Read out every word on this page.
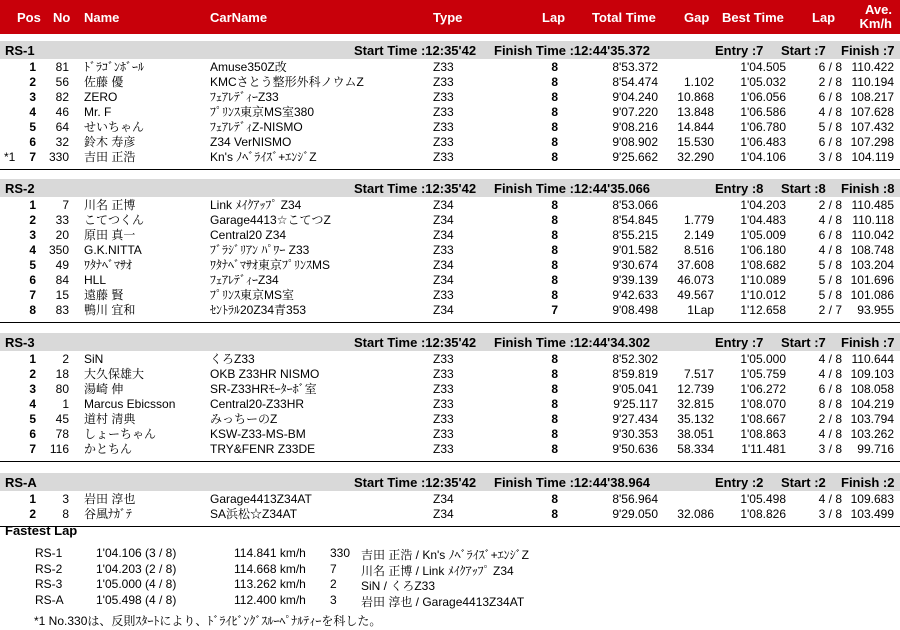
Pos No Name	CarName	Type	Lap Total Time Gap Best Time Lap
Ave.
Km/h
RS-1	Start Time :12:35'42 Finish Time :12:44'35.372	Entry :7 Start :7 Finish :7
1	81 ﾄﾞﾗｺﾞﾝﾎﾞｰﾙ	Amuse350Z改	Z33	8	8'53.372	1'04.505	6 / 8 110.422
2	56 佐藤 優	KMCさとう整形外科ノウムZ	Z33	8	8'54.474	1.102	1'05.032	2 / 8 110.194
3	82 ZERO	ﾌｪｱﾚﾃﾞｨｰZ33	Z33	8	9'04.240	10.868	1'06.056	6 / 8 108.217
4	46 Mr. F	ﾌﾟﾘﾝｽ東京MS室380	Z33	8	9'07.220	13.848	1'06.586	4 / 8 107.628
5	64 せいちゃん	ﾌｪｱﾚﾃﾞｨZ-NISMO	Z33	8	9'08.216	14.844	1'06.780	5 / 8 107.432
6	32 鈴木 寿彦	Z34 VerNISMO	Z33	8	9'08.902	15.530	1'06.483	6 / 8 107.298
*1	7	330 吉田 正浩	Kn's ﾉﾍﾞﾗｲｽﾞ+ｴﾝｼﾞZ	Z33	8	9'25.662	32.290	1'04.106	3 / 8 104.119
RS-2	Start Time :12:35'42 Finish Time :12:44'35.066	Entry :8 Start :8 Finish :8
1	7 川名 正博	Link ﾒｲｸｱｯﾌﾟ Z34	Z34	8	8'53.066	1'04.203	2 / 8 110.485
2	33 こてつくん	Garage4413☆こてつZ	Z34	8	8'54.845	1.779	1'04.483	4 / 8 110.118
3	20 原田 真一	Central20 Z34	Z34	8	8'55.215	2.149	1'05.009	6 / 8 110.042
4	350 G.K.NITTA	ﾌﾞﾗｼﾞﾘｱﾝ ﾊﾟﾜｰ Z33	Z33	8	9'01.582	8.516	1'06.180	4 / 8 108.748
5	49 ﾜﾀﾅﾍﾞﾏｻｵ	ﾜﾀﾅﾍﾞﾏｻｵ東京ﾌﾟﾘﾝｽMS	Z34	8	9'30.674	37.608	1'08.682	5 / 8 103.204
6	84 HLL	ﾌｪｱﾚﾃﾞｨｰZ34	Z34	8	9'39.139	46.073	1'10.089	5 / 8 101.696
7	15 遠藤 賢	ﾌﾟﾘﾝｽ東京MS室	Z33	8	9'42.633	49.567	1'10.012	5 / 8 101.086
8	83 鴨川 宜和	ｾﾝﾄﾗﾙ20Z34青353	Z34	7	9'08.498	1Lap	1'12.658	2 / 7	93.955
RS-3	Start Time :12:35'42 Finish Time :12:44'34.302	Entry :7 Start :7 Finish :7
1	2 SiN	くろZ33	Z33	8	8'52.302	1'05.000	4 / 8 110.644
2	18 大久保雄大	OKB Z33HR NISMO	Z33	8	8'59.819	7.517	1'05.759	4 / 8 109.103
3	80 湯崎 伸	SR-Z33HRﾓｰﾀｰﾎﾞ室	Z33	8	9'05.041	12.739	1'06.272	6 / 8 108.058
4	1 Marcus Ebicsson	Central20-Z33HR	Z33	8	9'25.117	32.815	1'08.070	8 / 8 104.219
5	45 道村 清典	みっちーのZ	Z33	8	9'27.434	35.132	1'08.667	2 / 8 103.794
6	78 しょーちゃん	KSW-Z33-MS-BM	Z33	8	9'30.353	38.051	1'08.863	4 / 8 103.262
7	116 かとちん	TRY&FENR Z33DE	Z33	8	9'50.636	58.334	1'11.481	3 / 8	99.716
RS-A	Start Time :12:35'42 Finish Time :12:44'38.964	Entry :2 Start :2 Finish :2
1	3 岩田 淳也	Garage4413Z34AT	Z34	8	8'56.964	1'05.498	4 / 8 109.683
2	8 谷風ﾅｶﾞﾃ	SA浜松☆Z34AT	Z34	8	9'29.050	32.086	1'08.826	3 / 8 103.499
Fastest Lap
RS-1	1'04.106 (3 / 8)	114.841 km/h 330 吉田 正浩 / Kn's ﾉﾍﾞﾗｲｽﾞ+ｴﾝｼﾞZ
RS-2	1'04.203 (2 / 8)	114.668 km/h 7 川名 正博 / Link ﾒｲｸｱｯﾌﾟ Z34
RS-3	1'05.000 (4 / 8)	113.262 km/h 2 SiN / くろZ33
RS-A	1'05.498 (4 / 8)	112.400 km/h 3 岩田 淳也 / Garage4413Z34AT
*1 No.330は、反則ｽﾀｰﾄにより、ﾄﾞﾗｲﾋﾞﾝｸﾞｽﾙｰﾍﾟﾅﾙﾃｨｰを科した。
